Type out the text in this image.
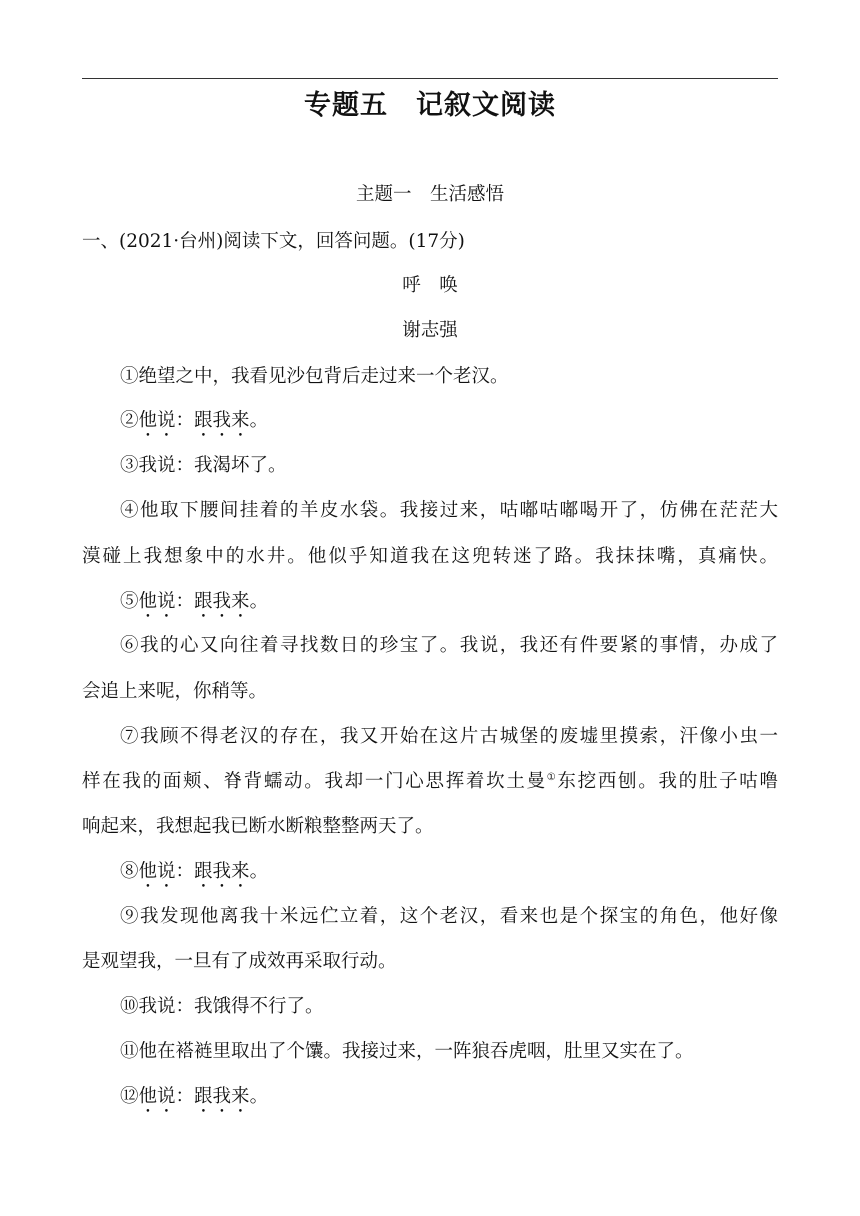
专题五 记叙文阅读
主题一　生活感悟
一、(2021·台州)阅读下文，回答问题。(17分)
呼　唤
谢志强
①绝望之中，我看见沙包背后走过来一个老汉。
②他说：跟我来。
③我说：我渴坏了。
④他取下腰间挂着的羊皮水袋。我接过来，咕嘟咕嘟喝开了，仿佛在茫茫大
漠碰上我想象中的水井。他似乎知道我在这兜转迷了路。我抹抹嘴，真痛快。
⑤他说：跟我来。
⑥我的心又向往着寻找数日的珍宝了。我说，我还有件要紧的事情，办成了
会追上来呢，你稍等。
⑦我顾不得老汉的存在，我又开始在这片古城堡的废墟里摸索，汗像小虫一
样在我的面颊、脊背蠕动。我却一门心思挥着坎土曼①东挖西刨。我的肚子咕噜
响起来，我想起我已断水断粮整整两天了。
⑧他说：跟我来。
⑨我发现他离我十米远伫立着，这个老汉，看来也是个探宝的角色，他好像
是观望我，一旦有了成效再采取行动。
⑩我说：我饿得不行了。
⑪他在褡裢里取出了个馕。我接过来，一阵狼吞虎咽，肚里又实在了。
⑫他说：跟我来。
